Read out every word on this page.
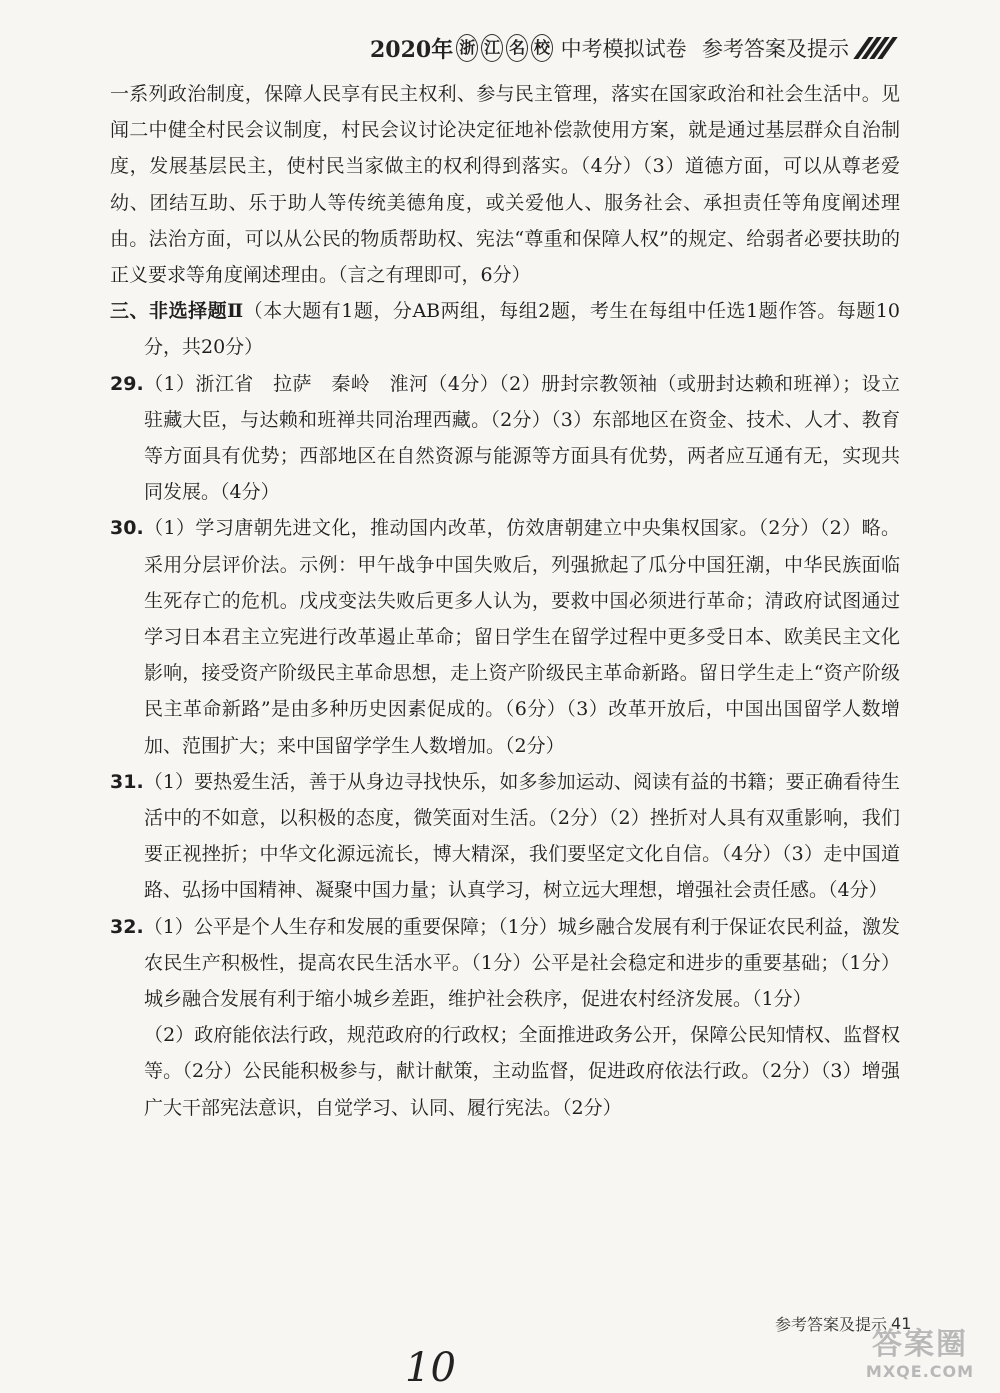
2020年 浙 江 名 校 中考模拟试卷 参考答案及提示

一系列政治制度，保障人民享有民主权利、参与民主管理，落实在国家政治和社会生活中。见闻二中健全村民会议制度，村民会议讨论决定征地补偿款使用方案，就是通过基层群众自治制度，发展基层民主，使村民当家做主的权利得到落实。（4分）（3）道德方面，可以从尊老爱幼、团结互助、乐于助人等传统美德角度，或关爱他人、服务社会、承担责任等角度阐述理由。法治方面，可以从公民的物质帮助权、宪法“尊重和保障人权”的规定、给弱者必要扶助的正义要求等角度阐述理由。（言之有理即可，6分）

三、非选择题Ⅱ（本大题有1题，分AB两组，每组2题，考生在每组中任选1题作答。每题10分，共20分）

29.（1）浙江省　拉萨　秦岭　淮河（4分）（2）册封宗教领袖（或册封达赖和班禅）；设立驻藏大臣，与达赖和班禅共同治理西藏。（2分）（3）东部地区在资金、技术、人才、教育等方面具有优势；西部地区在自然资源与能源等方面具有优势，两者应互通有无，实现共同发展。（4分）

30.（1）学习唐朝先进文化，推动国内改革，仿效唐朝建立中央集权国家。（2分）（2）略。采用分层评价法。示例：甲午战争中国失败后，列强掀起了瓜分中国狂潮，中华民族面临生死存亡的危机。戊戌变法失败后更多人认为，要救中国必须进行革命；清政府试图通过学习日本君主立宪进行改革遏止革命；留日学生在留学过程中更多受日本、欧美民主文化影响，接受资产阶级民主革命思想，走上资产阶级民主革命新路。留日学生走上“资产阶级民主革命新路”是由多种历史因素促成的。（6分）（3）改革开放后，中国出国留学人数增加、范围扩大；来中国留学学生人数增加。（2分）

31.（1）要热爱生活，善于从身边寻找快乐，如多参加运动、阅读有益的书籍；要正确看待生活中的不如意，以积极的态度，微笑面对生活。（2分）（2）挫折对人具有双重影响，我们要正视挫折；中华文化源远流长，博大精深，我们要坚定文化自信。（4分）（3）走中国道路、弘扬中国精神、凝聚中国力量；认真学习，树立远大理想，增强社会责任感。（4分）

32.（1）公平是个人生存和发展的重要保障；（1分）城乡融合发展有利于保证农民利益，激发农民生产积极性，提高农民生活水平。（1分）公平是社会稳定和进步的重要基础；（1分）城乡融合发展有利于缩小城乡差距，维护社会秩序，促进农村经济发展。（1分）

（2）政府能依法行政，规范政府的行政权；全面推进政务公开，保障公民知情权、监督权等。（2分）公民能积极参与，献计献策，主动监督，促进政府依法行政。（2分）（3）增强广大干部宪法意识，自觉学习、认同、履行宪法。（2分）

参考答案及提示 41
10
答案圈
MXQE.COM
